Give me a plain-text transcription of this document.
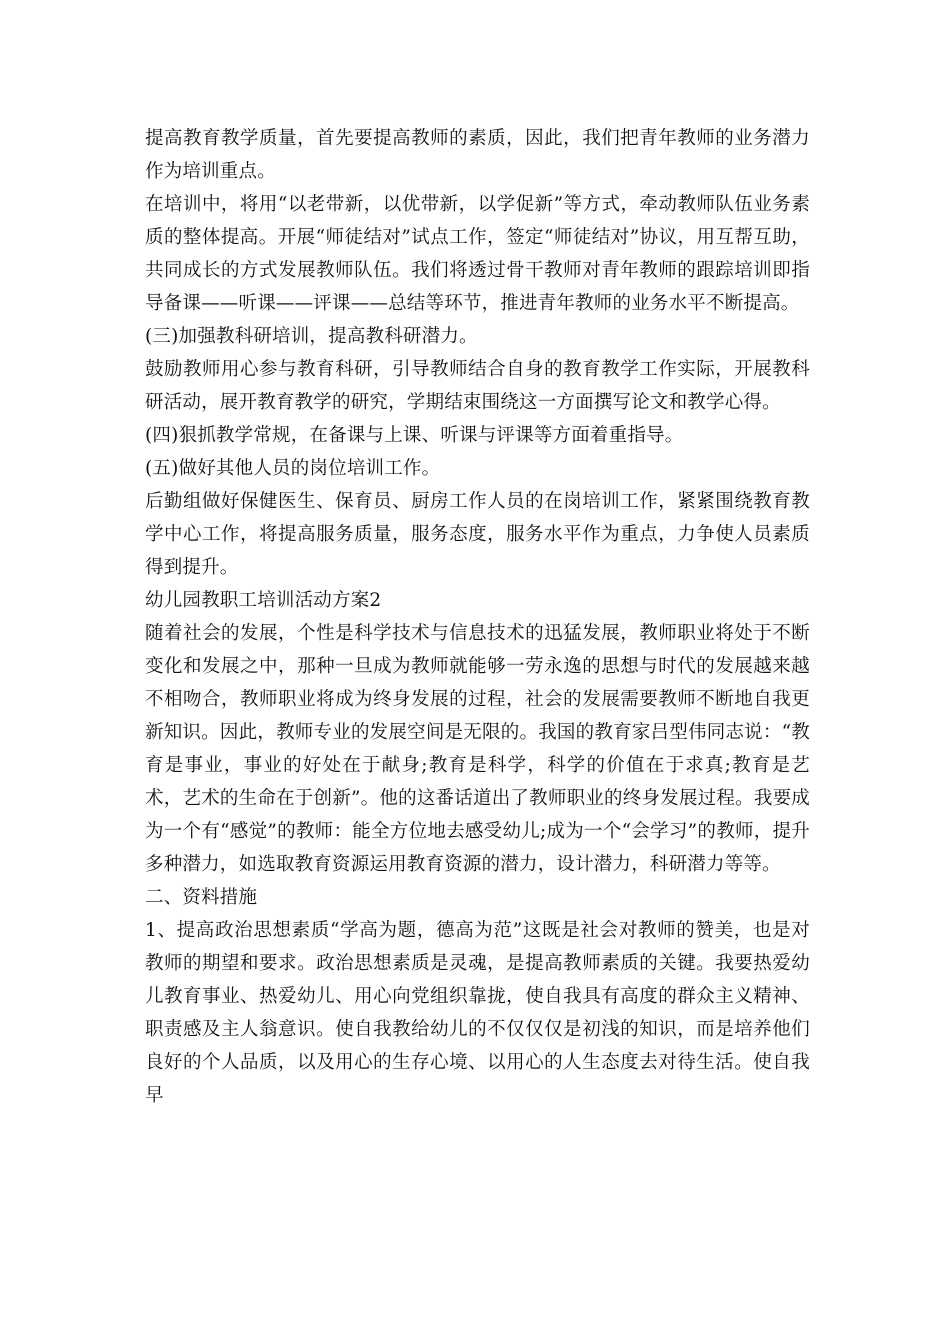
提高教育教学质量，首先要提高教师的素质，因此，我们把青年教师的业务潜力作为培训重点。

在培训中，将用“以老带新，以优带新，以学促新”等方式，牵动教师队伍业务素质的整体提高。开展“师徒结对”试点工作，签定“师徒结对”协议，用互帮互助，共同成长的方式发展教师队伍。我们将透过骨干教师对青年教师的跟踪培训即指导备课——听课——评课——总结等环节，推进青年教师的业务水平不断提高。

(三)加强教科研培训，提高教科研潜力。

鼓励教师用心参与教育科研，引导教师结合自身的教育教学工作实际，开展教科研活动，展开教育教学的研究，学期结束围绕这一方面撰写论文和教学心得。

(四)狠抓教学常规，在备课与上课、听课与评课等方面着重指导。

(五)做好其他人员的岗位培训工作。

后勤组做好保健医生、保育员、厨房工作人员的在岗培训工作，紧紧围绕教育教学中心工作，将提高服务质量，服务态度，服务水平作为重点，力争使人员素质得到提升。

幼儿园教职工培训活动方案2

随着社会的发展，个性是科学技术与信息技术的迅猛发展，教师职业将处于不断变化和发展之中，那种一旦成为教师就能够一劳永逸的思想与时代的发展越来越不相吻合，教师职业将成为终身发展的过程，社会的发展需要教师不断地自我更新知识。因此，教师专业的发展空间是无限的。我国的教育家吕型伟同志说：“教育是事业，事业的好处在于献身;教育是科学，科学的价值在于求真;教育是艺术，艺术的生命在于创新”。他的这番话道出了教师职业的终身发展过程。我要成为一个有“感觉”的教师：能全方位地去感受幼儿;成为一个“会学习”的教师，提升多种潜力，如选取教育资源运用教育资源的潜力，设计潜力，科研潜力等等。

二、资料措施

1、提高政治思想素质“学高为题，德高为范”这既是社会对教师的赞美，也是对教师的期望和要求。政治思想素质是灵魂，是提高教师素质的关键。我要热爱幼儿教育事业、热爱幼儿、用心向党组织靠拢，使自我具有高度的群众主义精神、职责感及主人翁意识。使自我教给幼儿的不仅仅仅是初浅的知识，而是培养他们良好的个人品质，以及用心的生存心境、以用心的人生态度去对待生活。使自我早
